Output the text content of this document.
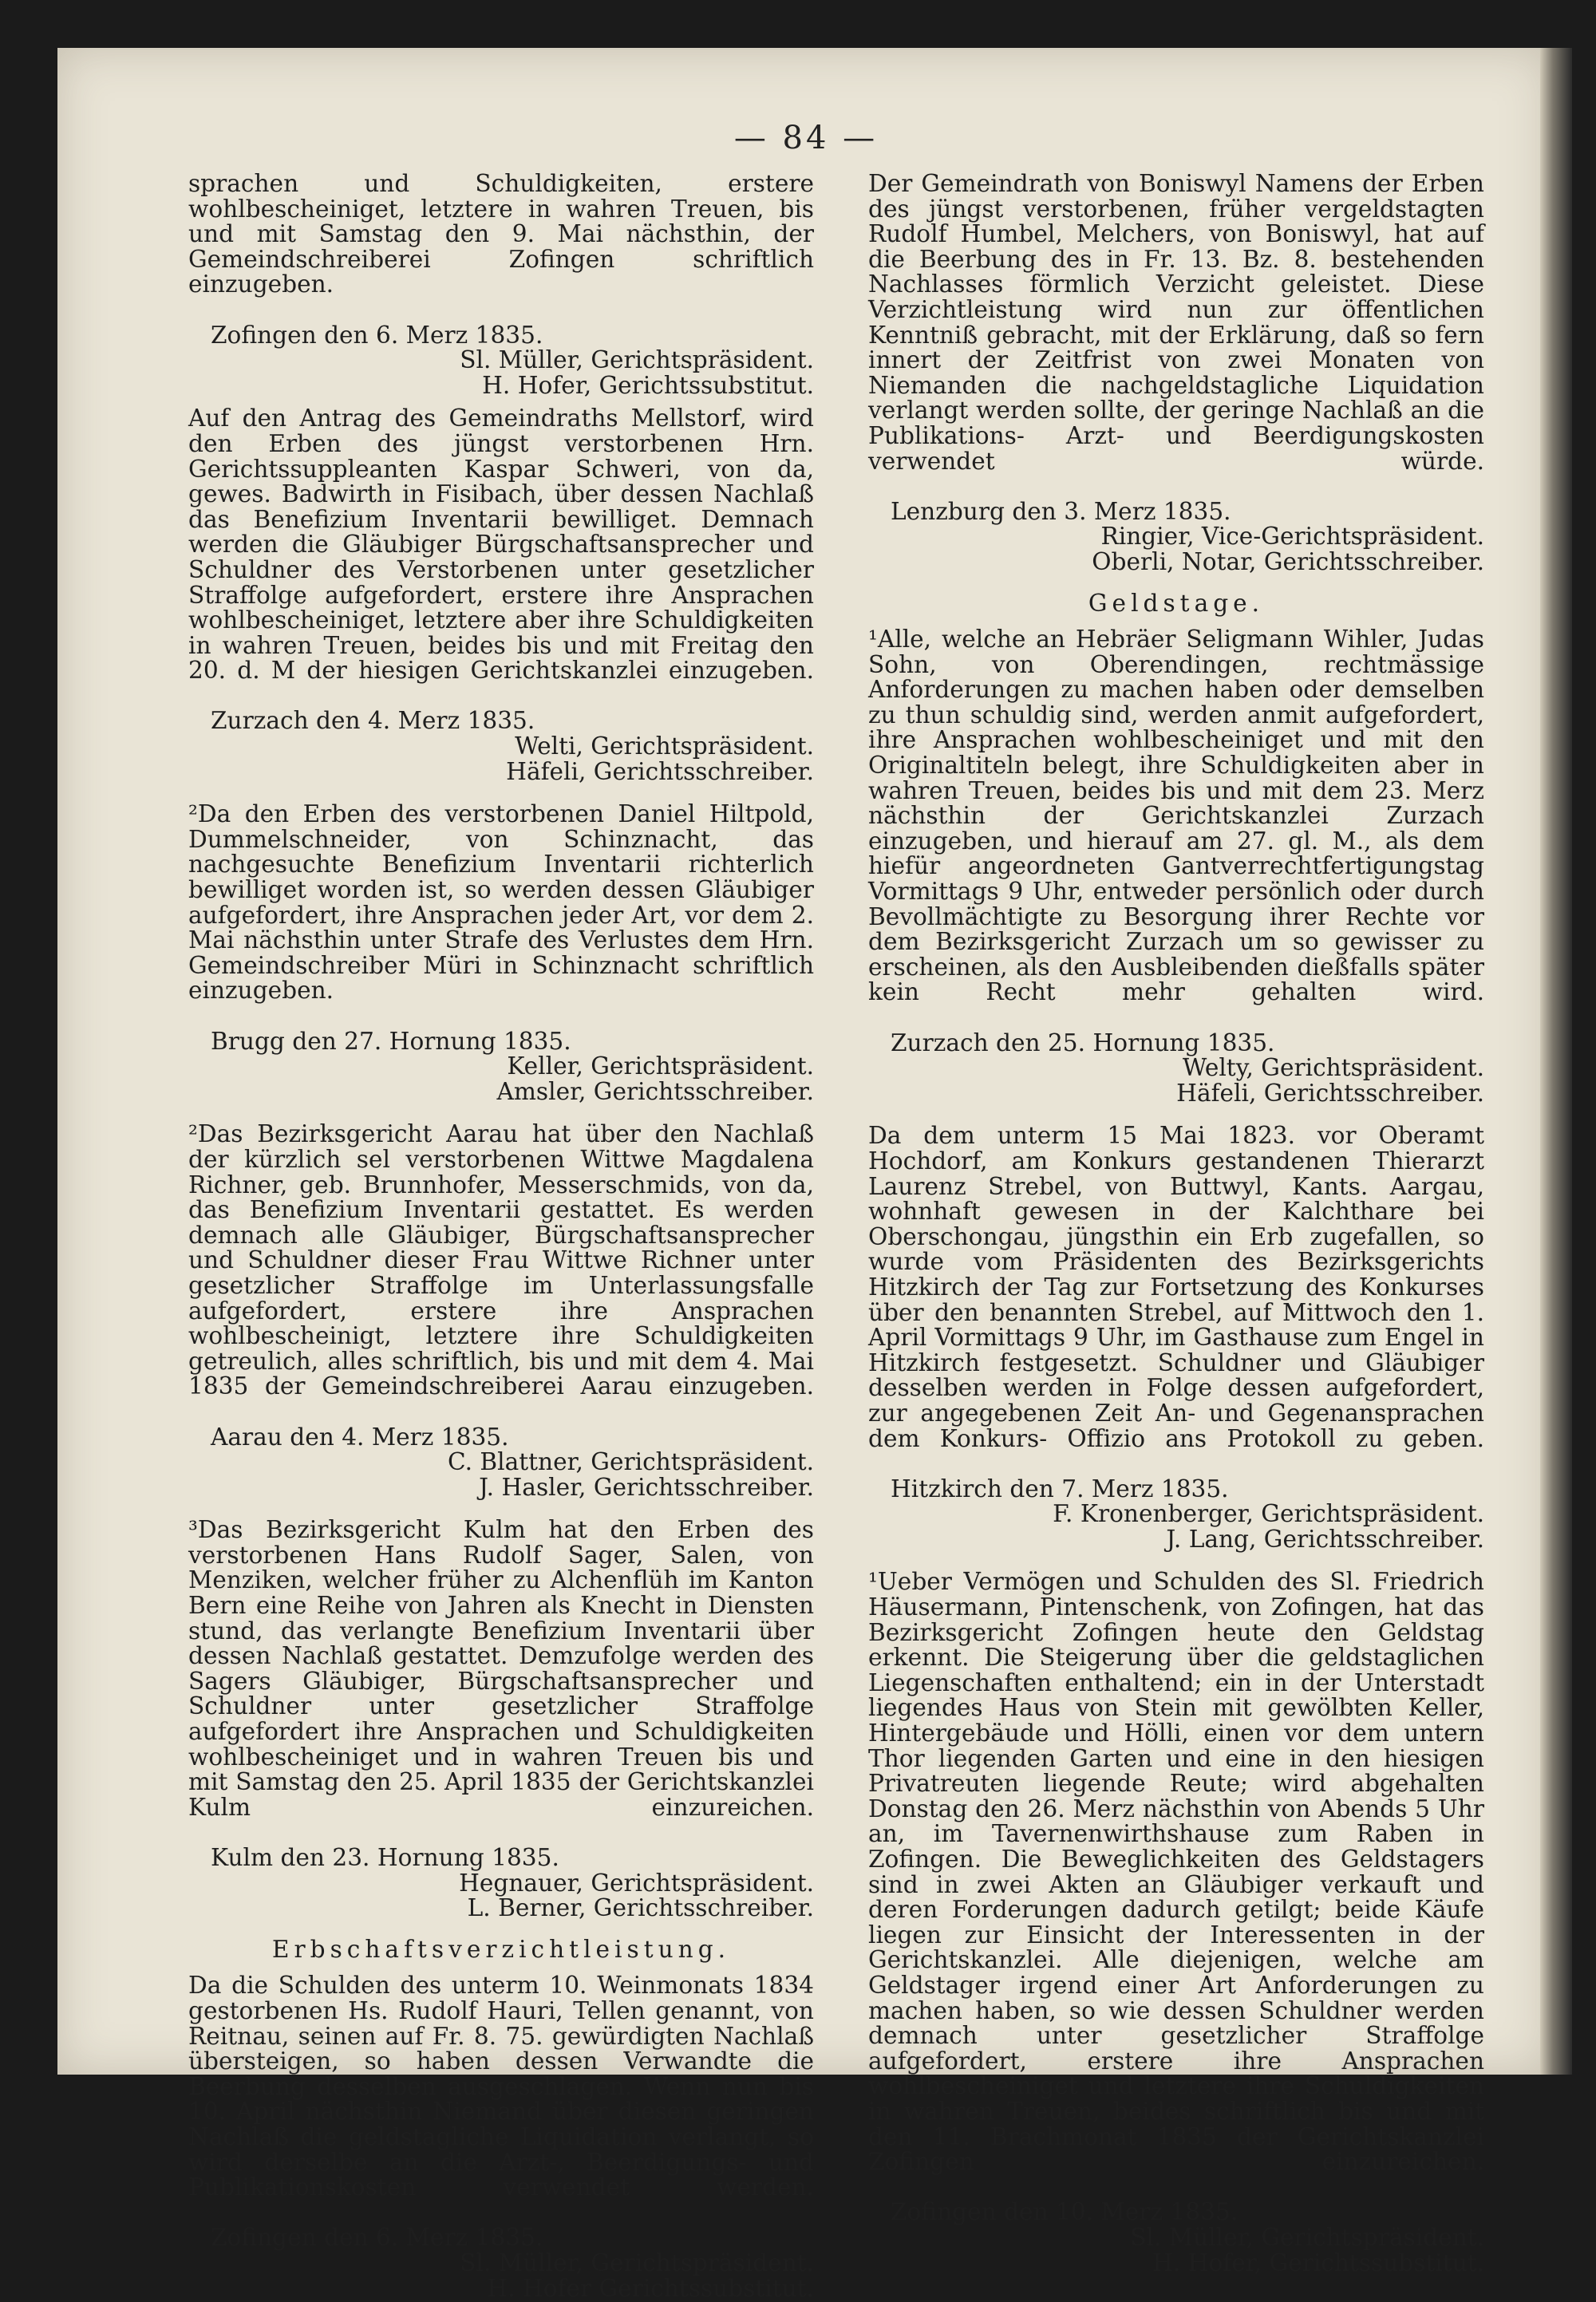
— 84 —

sprachen und Schuldigkeiten, erstere wohlbescheiniget, letztere in wahren Treuen, bis und mit Samstag den 9. Mai nächsthin, der Gemeindschreiberei Zofingen schriftlich einzugeben.

Zofingen den 6. Merz 1835.

Sl. Müller, Gerichtspräsident.

H. Hofer, Gerichtssubstitut.

Auf den Antrag des Gemeindraths Mellstorf, wird den Erben des jüngst verstorbenen Hrn. Gerichtssuppleanten Kaspar Schweri, von da, gewes. Badwirth in Fisibach, über dessen Nachlaß das Benefizium Inventarii bewilliget. Demnach werden die Gläubiger Bürgschaftsansprecher und Schuldner des Verstorbenen unter gesetzlicher Straffolge aufgefordert, erstere ihre Ansprachen wohlbescheiniget, letztere aber ihre Schuldigkeiten in wahren Treuen, beides bis und mit Freitag den 20. d. M der hiesigen Gerichtskanzlei einzugeben.

Zurzach den 4. Merz 1835.

Welti, Gerichtspräsident.

Häfeli, Gerichtsschreiber.

²Da den Erben des verstorbenen Daniel Hiltpold, Dummelschneider, von Schinznacht, das nachgesuchte Benefizium Inventarii richterlich bewilliget worden ist, so werden dessen Gläubiger aufgefordert, ihre Ansprachen jeder Art, vor dem 2. Mai nächsthin unter Strafe des Verlustes dem Hrn. Gemeindschreiber Müri in Schinznacht schriftlich einzugeben.

Brugg den 27. Hornung 1835.

Keller, Gerichtspräsident.

Amsler, Gerichtsschreiber.

²Das Bezirksgericht Aarau hat über den Nachlaß der kürzlich sel verstorbenen Wittwe Magdalena Richner, geb. Brunnhofer, Messerschmids, von da, das Benefizium Inventarii gestattet. Es werden demnach alle Gläubiger, Bürgschaftsansprecher und Schuldner dieser Frau Wittwe Richner unter gesetzlicher Straffolge im Unterlassungsfalle aufgefordert, erstere ihre Ansprachen wohlbescheinigt, letztere ihre Schuldigkeiten getreulich, alles schriftlich, bis und mit dem 4. Mai 1835 der Gemeindschreiberei Aarau einzugeben.

Aarau den 4. Merz 1835.

C. Blattner, Gerichtspräsident.

J. Hasler, Gerichtsschreiber.

³Das Bezirksgericht Kulm hat den Erben des verstorbenen Hans Rudolf Sager, Salen, von Menziken, welcher früher zu Alchenflüh im Kanton Bern eine Reihe von Jahren als Knecht in Diensten stund, das verlangte Benefizium Inventarii über dessen Nachlaß gestattet. Demzufolge werden des Sagers Gläubiger, Bürgschaftsansprecher und Schuldner unter gesetzlicher Straffolge aufgefordert ihre Ansprachen und Schuldigkeiten wohlbescheiniget und in wahren Treuen bis und mit Samstag den 25. April 1835 der Gerichtskanzlei Kulm einzureichen.

Kulm den 23. Hornung 1835.

Hegnauer, Gerichtspräsident.

L. Berner, Gerichtsschreiber.

Erbschaftsverzichtleistung.

Da die Schulden des unterm 10. Weinmonats 1834 gestorbenen Hs. Rudolf Hauri, Tellen genannt, von Reitnau, seinen auf Fr. 8. 75. gewürdigten Nachlaß übersteigen, so haben dessen Verwandte die Beerbung desselben ausgeschlagen. Wenn nun bis 10. April nächsthin Niemand über diesen geringen Nachlaß die geldstagliche Liquidation verlangt, so wird derselbe an die Arzt-, Beerdigungs- und Publikationskosten verwendet werden.

Zofingen den 6. Merz 1835.

Sl. Müller, Gerichtspräsident.

H. Hofer Gerichtssubstitut.

Der Gemeindrath von Boniswyl Namens der Erben des jüngst verstorbenen, früher vergeldstagten Rudolf Humbel, Melchers, von Boniswyl, hat auf die Beerbung des in Fr. 13. Bz. 8. bestehenden Nachlasses förmlich Verzicht geleistet. Diese Verzichtleistung wird nun zur öffentlichen Kenntniß gebracht, mit der Erklärung, daß so fern innert der Zeitfrist von zwei Monaten von Niemanden die nachgeldstagliche Liquidation verlangt werden sollte, der geringe Nachlaß an die Publikations- Arzt- und Beerdigungskosten verwendet würde.

Lenzburg den 3. Merz 1835.

Ringier, Vice-Gerichtspräsident.

Oberli, Notar, Gerichtsschreiber.

Geldstage.

¹Alle, welche an Hebräer Seligmann Wihler, Judas Sohn, von Oberendingen, rechtmässige Anforderungen zu machen haben oder demselben zu thun schuldig sind, werden anmit aufgefordert, ihre Ansprachen wohlbescheiniget und mit den Originaltiteln belegt, ihre Schuldigkeiten aber in wahren Treuen, beides bis und mit dem 23. Merz nächsthin der Gerichtskanzlei Zurzach einzugeben, und hierauf am 27. gl. M., als dem hiefür angeordneten Gantverrechtfertigungstag Vormittags 9 Uhr, entweder persönlich oder durch Bevollmächtigte zu Besorgung ihrer Rechte vor dem Bezirksgericht Zurzach um so gewisser zu erscheinen, als den Ausbleibenden dießfalls später kein Recht mehr gehalten wird.

Zurzach den 25. Hornung 1835.

Welty, Gerichtspräsident.

Häfeli, Gerichtsschreiber.

Da dem unterm 15 Mai 1823. vor Oberamt Hochdorf, am Konkurs gestandenen Thierarzt Laurenz Strebel, von Buttwyl, Kants. Aargau, wohnhaft gewesen in der Kalchthare bei Oberschongau, jüngsthin ein Erb zugefallen, so wurde vom Präsidenten des Bezirksgerichts Hitzkirch der Tag zur Fortsetzung des Konkurses über den benannten Strebel, auf Mittwoch den 1. April Vormittags 9 Uhr, im Gasthause zum Engel in Hitzkirch festgesetzt. Schuldner und Gläubiger desselben werden in Folge dessen aufgefordert, zur angegebenen Zeit An- und Gegenansprachen dem Konkurs- Offizio ans Protokoll zu geben.

Hitzkirch den 7. Merz 1835.

F. Kronenberger, Gerichtspräsident.

J. Lang, Gerichtsschreiber.

¹Ueber Vermögen und Schulden des Sl. Friedrich Häusermann, Pintenschenk, von Zofingen, hat das Bezirksgericht Zofingen heute den Geldstag erkennt. Die Steigerung über die geldstaglichen Liegenschaften enthaltend; ein in der Unterstadt liegendes Haus von Stein mit gewölbten Keller, Hintergebäude und Hölli, einen vor dem untern Thor liegenden Garten und eine in den hiesigen Privatreuten liegende Reute; wird abgehalten Donstag den 26. Merz nächsthin von Abends 5 Uhr an, im Tavernenwirthshause zum Raben in Zofingen. Die Beweglichkeiten des Geldstagers sind in zwei Akten an Gläubiger verkauft und deren Forderungen dadurch getilgt; beide Käufe liegen zur Einsicht der Interessenten in der Gerichtskanzlei. Alle diejenigen, welche am Geldstager irgend einer Art Anforderungen zu machen haben, so wie dessen Schuldner werden demnach unter gesetzlicher Straffolge aufgefordert, erstere ihre Ansprachen wohlbescheiniget und letztere ihre Schuldigkeiten in wahren Treuen, beides schriftlich bis und mit den 11. Brachmonat 1835 der Gerichtskanzlei Zofingen einzureichen.

Zofingen den 10. Merz 1835.

Sl. Müller, Gerichtspräsident.

H. Hofer, Gerichtssubstitut.
